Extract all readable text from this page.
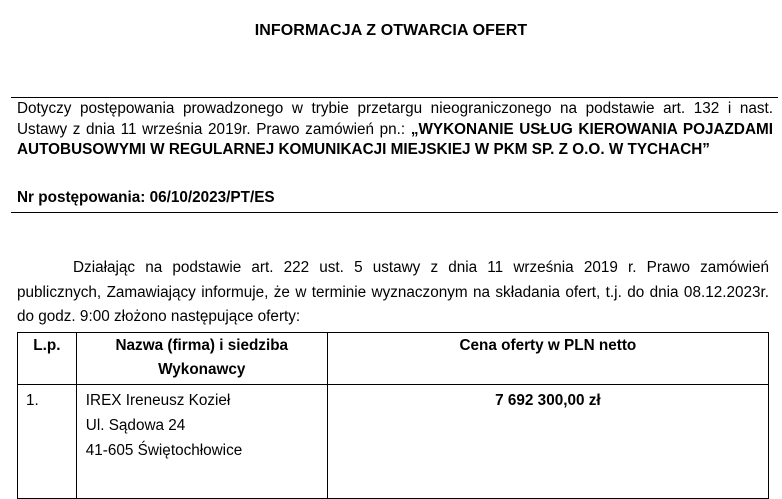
INFORMACJA Z OTWARCIA OFERT
Dotyczy postępowania prowadzonego w trybie przetargu nieograniczonego na podstawie art. 132 i nast. Ustawy z dnia 11 września 2019r. Prawo zamówień pn.: „WYKONANIE USŁUG KIEROWANIA POJAZDAMI AUTOBUSOWYMI W REGULARNEJ KOMUNIKACJI MIEJSKIEJ W PKM SP. Z O.O. W TYCHACH”
Nr postępowania: 06/10/2023/PT/ES
Działając na podstawie art. 222 ust. 5 ustawy z dnia 11 września 2019 r. Prawo zamówień publicznych, Zamawiający informuje, że w terminie wyznaczonym na składania ofert, t.j. do dnia 08.12.2023r. do godz. 9:00 złożono następujące oferty:
L.p.	Nazwa (firma) i siedziba Wykonawcy	Cena oferty w PLN netto
1.	IREX Ireneusz Kozieł
Ul. Sądowa 24
41-605 Świętochłowice	7 692 300,00 zł
